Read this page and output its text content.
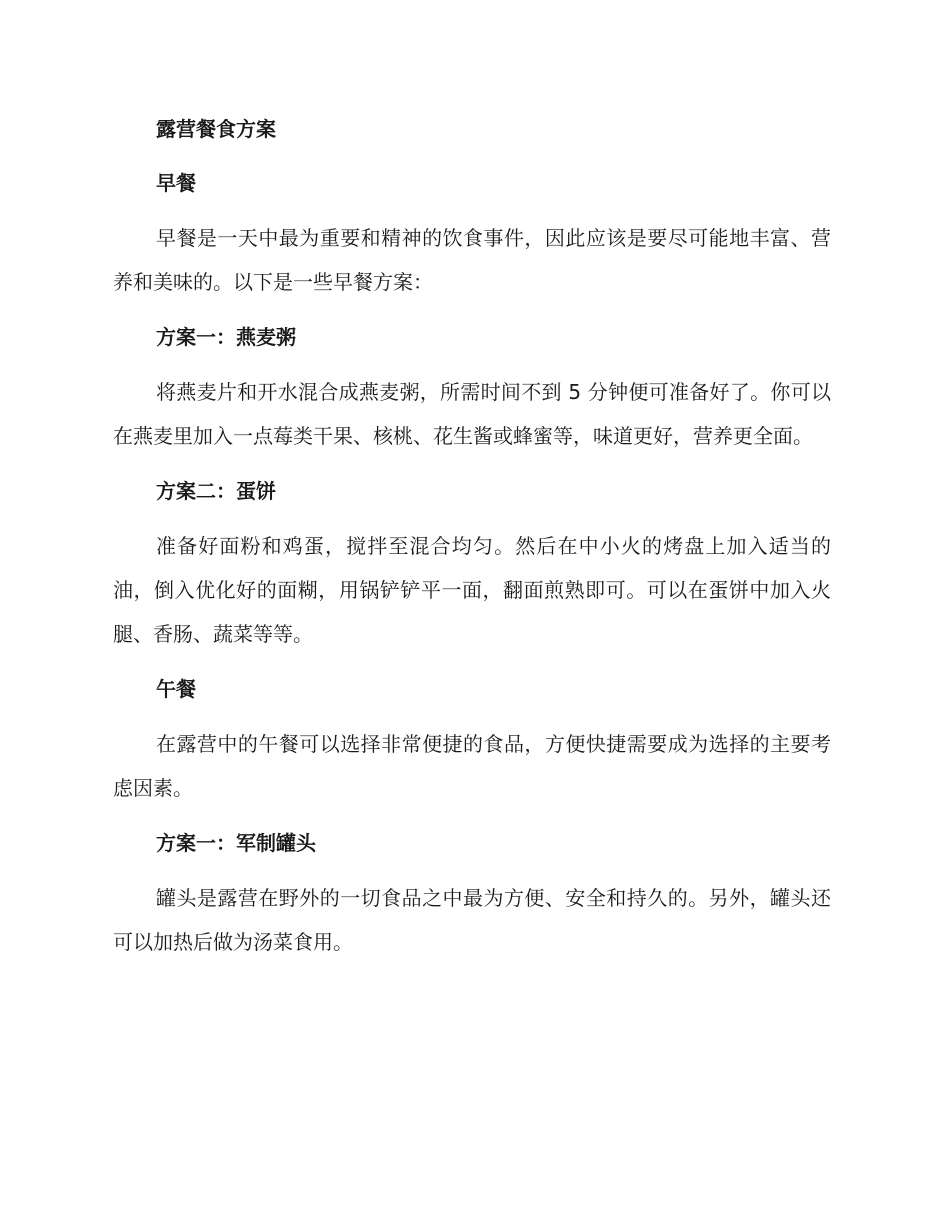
露营餐食方案
早餐

早餐是一天中最为重要和精神的饮食事件，因此应该是要尽可能地丰富、营养和美味的。以下是一些早餐方案：

方案一：燕麦粥

将燕麦片和开水混合成燕麦粥，所需时间不到 5 分钟便可准备好了。你可以在燕麦里加入一点莓类干果、核桃、花生酱或蜂蜜等，味道更好，营养更全面。

方案二：蛋饼

准备好面粉和鸡蛋，搅拌至混合均匀。然后在中小火的烤盘上加入适当的油，倒入优化好的面糊，用锅铲铲平一面，翻面煎熟即可。可以在蛋饼中加入火腿、香肠、蔬菜等等。

午餐

在露营中的午餐可以选择非常便捷的食品，方便快捷需要成为选择的主要考虑因素。

方案一：军制罐头

罐头是露营在野外的一切食品之中最为方便、安全和持久的。另外，罐头还可以加热后做为汤菜食用。
